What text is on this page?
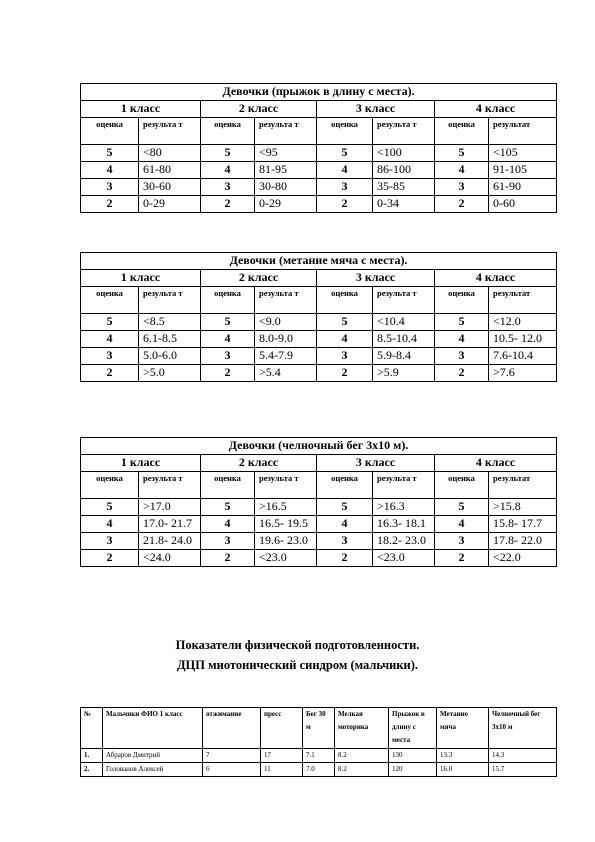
Девочки (прыжок в длину с места).							
1 класс		2 класс		3 класс		4 класс	
оценка	результа т	оценка	результа т	оценка	результа т	оценка	результат
5	<80	5	<95	5	<100	5	<105
4	61-80	4	81-95	4	86-100	4	91-105
3	30-60	3	30-80	3	35-85	3	61-90
2	0-29	2	0-29	2	0-34	2	0-60
Девочки (метание мяча с места).							
1 класс		2 класс		3 класс		4 класс	
оценка	результа т	оценка	результа т	оценка	результа т	оценка	результат
5	<8.5	5	<9.0	5	<10.4	5	<12.0
4	6.1-8.5	4	8.0-9.0	4	8.5-10.4	4	10.5- 12.0
3	5.0-6.0	3	5.4-7.9	3	5.9-8.4	3	7.6-10.4
2	>5.0	2	>5.4	2	>5.9	2	>7.6
Девочки (челночный бег 3х10 м).							
1 класс		2 класс		3 класс		4 класс	
оценка	результа т	оценка	результа т	оценка	результа т	оценка	результат
5	>17.0	5	>16.5	5	>16.3	5	>15.8
4	17.0- 21.7	4	16.5- 19.5	4	16.3- 18.1	4	15.8- 17.7
3	21.8- 24.0	3	19.6- 23.0	3	18.2- 23.0	3	17.8- 22.0
2	<24.0	2	<23.0	2	<23.0	2	<22.0
Показатели физической подготовленности.
ДЦП миотонический синдром (мальчики).
№	Мальчики ФИО 1 класс	отжимание	пресс	Бег 30 м	Мелкая моторика	Прыжок в длину с места	Метание мяча	Челночный бег 3х10 м
1.	Абраров Дмитрий	7	17	7.1	8.2	130	13.3	14.3
2.	Голованов Алексей	6	11	7.0	8.2	120	16.0	15.7
